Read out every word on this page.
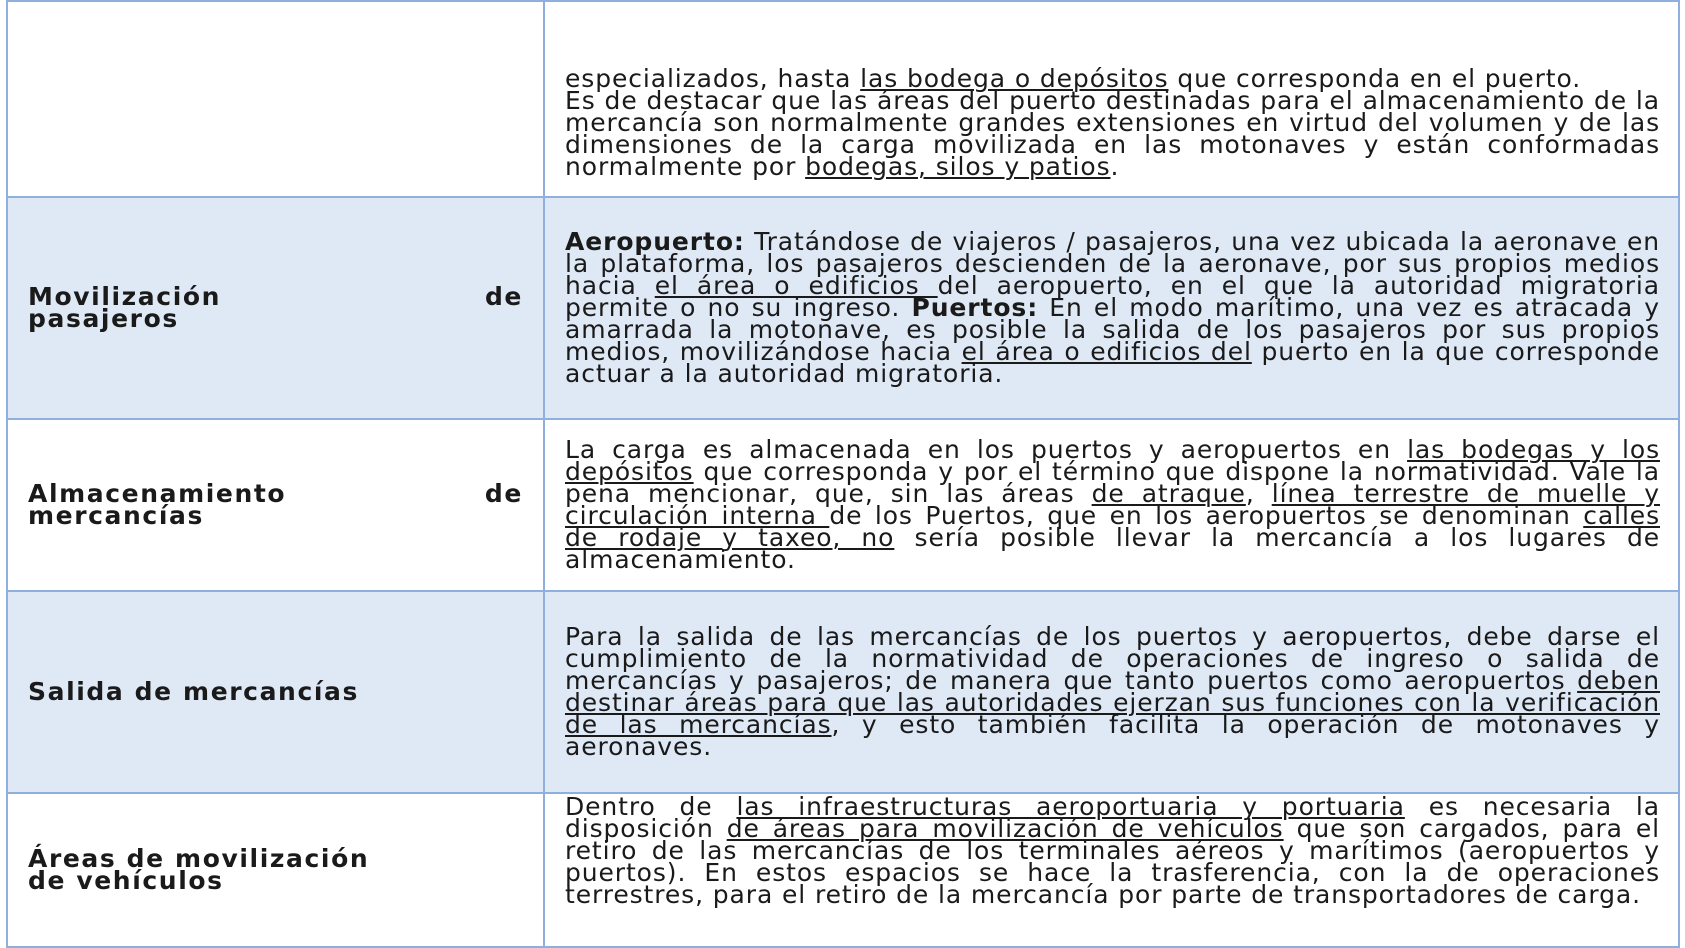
	especializados, hasta las bodega o depósitos que corresponda en el puerto.
Es de destacar que las áreas del puerto destinadas para el almacenamiento de la mercancía son normalmente grandes extensiones en virtud del volumen y de las dimensiones de la carga movilizada en las motonaves y están conformadas normalmente por bodegas, silos y patios.

Movilización de
pasajeros	Aeropuerto: Tratándose de viajeros / pasajeros, una vez ubicada la aeronave en la plataforma, los pasajeros descienden de la aeronave, por sus propios medios hacia el área o edificios del aeropuerto, en el que la autoridad migratoria permite o no su ingreso. Puertos: En el modo marítimo, una vez es atracada y amarrada la motonave, es posible la salida de los pasajeros por sus propios medios, movilizándose hacia el área o edificios del puerto en la que corresponde actuar a la autoridad migratoria.

Almacenamiento de
mercancías	La carga es almacenada en los puertos y aeropuertos en las bodegas y los depósitos que corresponda y por el término que dispone la normatividad. Vale la pena mencionar, que, sin las áreas de atraque, línea terrestre de muelle y circulación interna de los Puertos, que en los aeropuertos se denominan calles de rodaje y taxeo, no sería posible llevar la mercancía a los lugares de almacenamiento.

Salida de mercancías	Para la salida de las mercancías de los puertos y aeropuertos, debe darse el cumplimiento de la normatividad de operaciones de ingreso o salida de mercancías y pasajeros; de manera que tanto puertos como aeropuertos deben destinar áreas para que las autoridades ejerzan sus funciones con la verificación de las mercancías, y esto también facilita la operación de motonaves y aeronaves.

Áreas de movilización
de vehículos	Dentro de las infraestructuras aeroportuaria y portuaria es necesaria la disposición de áreas para movilización de vehículos que son cargados, para el retiro de las mercancías de los terminales aéreos y marítimos (aeropuertos y puertos). En estos espacios se hace la trasferencia, con la de operaciones terrestres, para el retiro de la mercancía por parte de transportadores de carga.
